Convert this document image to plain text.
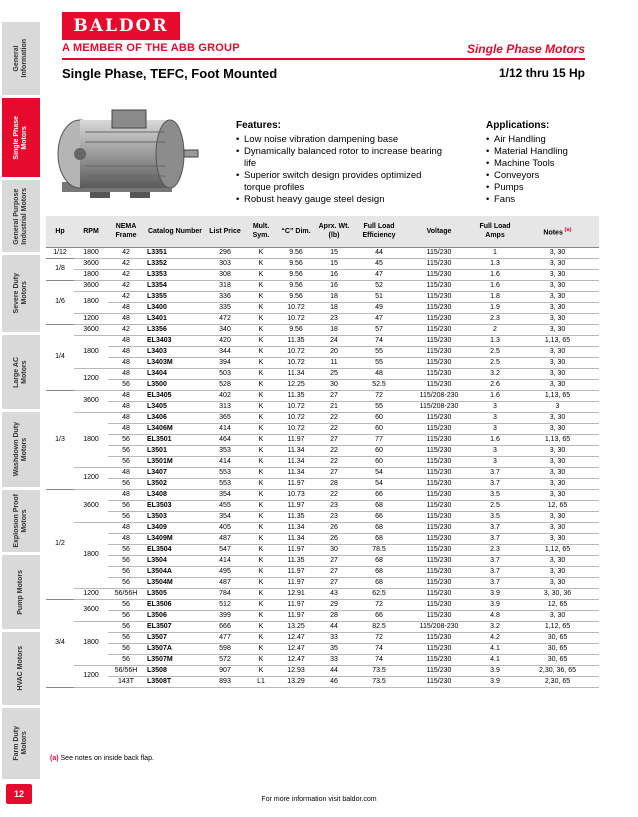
General
Information
Single Phase
Motors
General Purpose
Industrial Motors
Severe Duty
Motors
Large AC
Motors
Washdown Duty
Motors
Explosion Proof
Motors
Pump Motors
HVAC Motors
Farm Duty
Motors
12
BALDOR
A MEMBER OF THE ABB GROUP	Single Phase Motors
Single Phase, TEFC, Foot Mounted	1/12 thru 15 Hp
Features:
• Low noise vibration dampening base
• Dynamically balanced rotor to increase bearing life
• Superior switch design provides optimized torque profiles
• Robust heavy gauge steel design
Applications:
• Air Handling
• Material Handling
• Machine Tools
• Conveyors
• Pumps
• Fans
Hp	RPM	NEMA Frame	Catalog Number	List Price	Mult. Sym.	“C” Dim.	Aprx. Wt. (lb)	Full Load Efficiency	Voltage	Full Load Amps	Notes $^{(a)}$
1/12	1800	42	L3351	296	K	9.56	15	44	115/230	1	3, 30
1/8	3600	42	L3352	303	K	9.56	15	45	115/230	1.3	3, 30
	1800	42	L3353	308	K	9.56	16	47	115/230	1.6	3, 30
1/6	3600	42	L3354	318	K	9.56	16	52	115/230	1.6	3, 30
	1800	42	L3355	336	K	9.56	18	51	115/230	1.8	3, 30
		48	L3400	335	K	10.72	18	49	115/230	1.9	3, 30
	1200	48	L3401	472	K	10.72	23	47	115/230	2.3	3, 30
1/4	3600	42	L3356	340	K	9.56	18	57	115/230	2	3, 30
	1800	48	EL3403	420	K	11.35	24	74	115/230	1.3	1,13, 65
		48	L3403	344	K	10.72	20	55	115/230	2.5	3, 30
		48	L3403M	394	K	10.72	11	55	115/230	2.5	3, 30
	1200	48	L3404	503	K	11.34	25	48	115/230	3.2	3, 30
		56	L3500	528	K	12.25	30	52.5	115/230	2.6	3, 30
1/3	3600	48	EL3405	402	K	11.35	27	72	115/208-230	1.6	1,13, 65
		48	L3405	313	K	10.72	21	55	115/208-230	3	3
	1800	48	L3406	365	K	10.72	22	60	115/230	3	3, 30
		48	L3406M	414	K	10.72	22	60	115/230	3	3, 30
		56	EL3501	464	K	11.97	27	77	115/230	1.6	1,13, 65
		56	L3501	353	K	11.34	22	60	115/230	3	3, 30
		56	L3501M	414	K	11.34	22	60	115/230	3	3, 30
	1200	48	L3407	553	K	11.34	27	54	115/230	3.7	3, 30
		56	L3502	553	K	11.97	28	54	115/230	3.7	3, 30
1/2	3600	48	L3408	354	K	10.73	22	66	115/230	3.5	3, 30
		56	EL3503	455	K	11.97	23	68	115/230	2.5	12, 65
		56	L3503	354	K	11.35	23	66	115/230	3.5	3, 30
	1800	48	L3409	405	K	11.34	26	68	115/230	3.7	3, 30
		48	L3409M	487	K	11.34	26	68	115/230	3.7	3, 30
		56	EL3504	547	K	11.97	30	78.5	115/230	2.3	1,12, 65
		56	L3504	414	K	11.35	27	68	115/230	3.7	3, 30
		56	L3504A	495	K	11.97	27	68	115/230	3.7	3, 30
		56	L3504M	487	K	11.97	27	68	115/230	3.7	3, 30
	1200	56/56H	L3505	784	K	12.91	43	62.5	115/230	3.9	3, 30, 36
3/4	3600	56	EL3506	512	K	11.97	29	72	115/230	3.9	12, 65
		56	L3506	399	K	11.97	28	66	115/230	4.8	3, 30
	1800	56	EL3507	666	K	13.25	44	82.5	115/208-230	3.2	1,12, 65
		56	L3507	477	K	12.47	33	72	115/230	4.2	30, 65
		56	L3507A	598	K	12.47	35	74	115/230	4.1	30, 65
		56	L3507M	572	K	12.47	33	74	115/230	4.1	30, 65
	1200	56/56H	L3508	907	K	12.93	44	73.5	115/230	3.9	2,30, 36, 65
		143T	L3508T	893	L1	13.29	46	73.5	115/230	3.9	2,30, 65
(a) See notes on inside back flap.
For more information visit baldor.com
